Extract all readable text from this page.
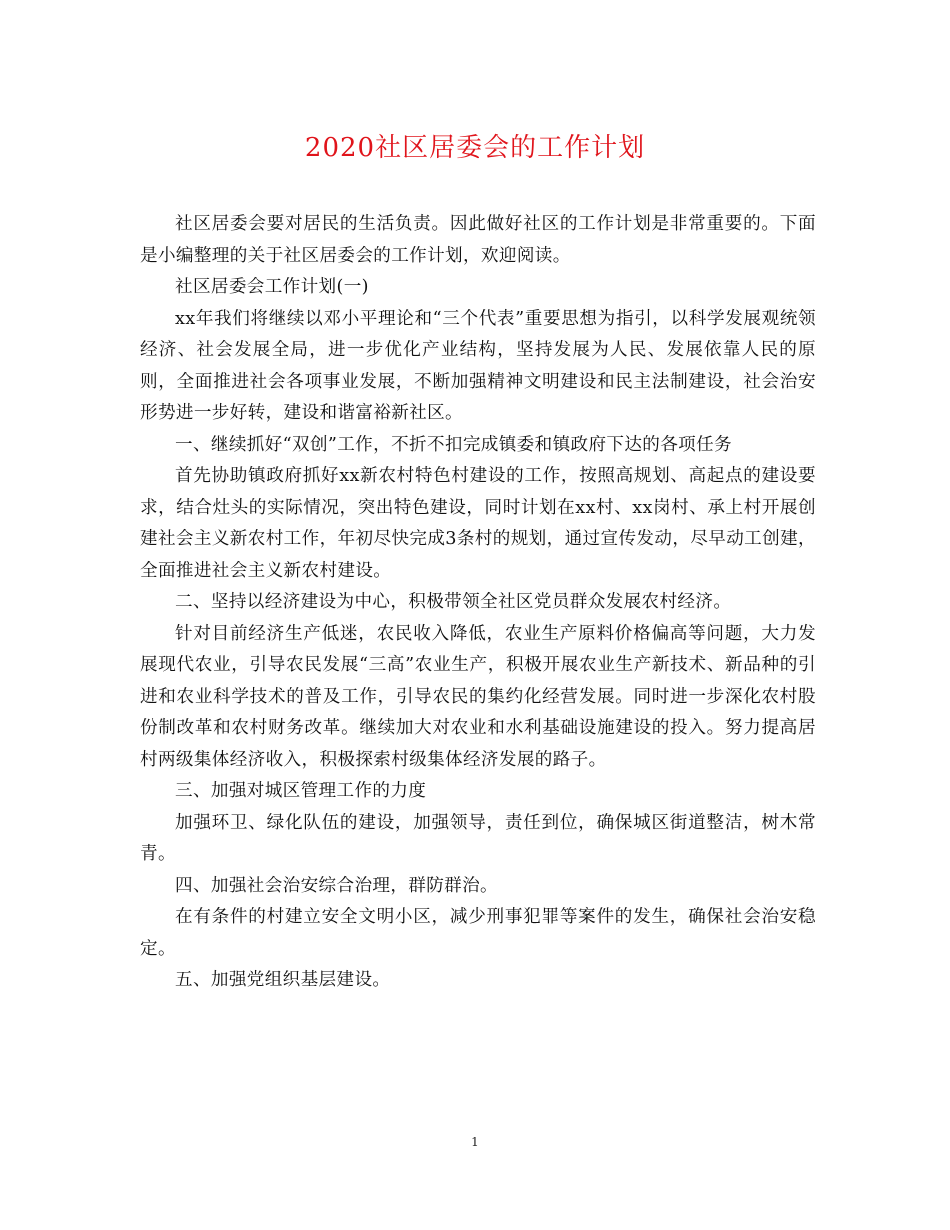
2020社区居委会的工作计划

社区居委会要对居民的生活负责。因此做好社区的工作计划是非常重要的。下面是小编整理的关于社区居委会的工作计划，欢迎阅读。

社区居委会工作计划(一)

xx年我们将继续以邓小平理论和“三个代表”重要思想为指引，以科学发展观统领经济、社会发展全局，进一步优化产业结构，坚持发展为人民、发展依靠人民的原则，全面推进社会各项事业发展，不断加强精神文明建设和民主法制建设，社会治安形势进一步好转，建设和谐富裕新社区。

一、继续抓好“双创”工作，不折不扣完成镇委和镇政府下达的各项任务

首先协助镇政府抓好xx新农村特色村建设的工作，按照高规划、高起点的建设要求，结合灶头的实际情况，突出特色建设，同时计划在xx村、xx岗村、承上村开展创建社会主义新农村工作，年初尽快完成3条村的规划，通过宣传发动，尽早动工创建，全面推进社会主义新农村建设。

二、坚持以经济建设为中心，积极带领全社区党员群众发展农村经济。

针对目前经济生产低迷，农民收入降低，农业生产原料价格偏高等问题，大力发展现代农业，引导农民发展“三高”农业生产，积极开展农业生产新技术、新品种的引进和农业科学技术的普及工作，引导农民的集约化经营发展。同时进一步深化农村股份制改革和农村财务改革。继续加大对农业和水利基础设施建设的投入。努力提高居村两级集体经济收入，积极探索村级集体经济发展的路子。

三、加强对城区管理工作的力度

加强环卫、绿化队伍的建设，加强领导，责任到位，确保城区街道整洁，树木常青。

四、加强社会治安综合治理，群防群治。

在有条件的村建立安全文明小区，减少刑事犯罪等案件的发生，确保社会治安稳定。

五、加强党组织基层建设。

1
